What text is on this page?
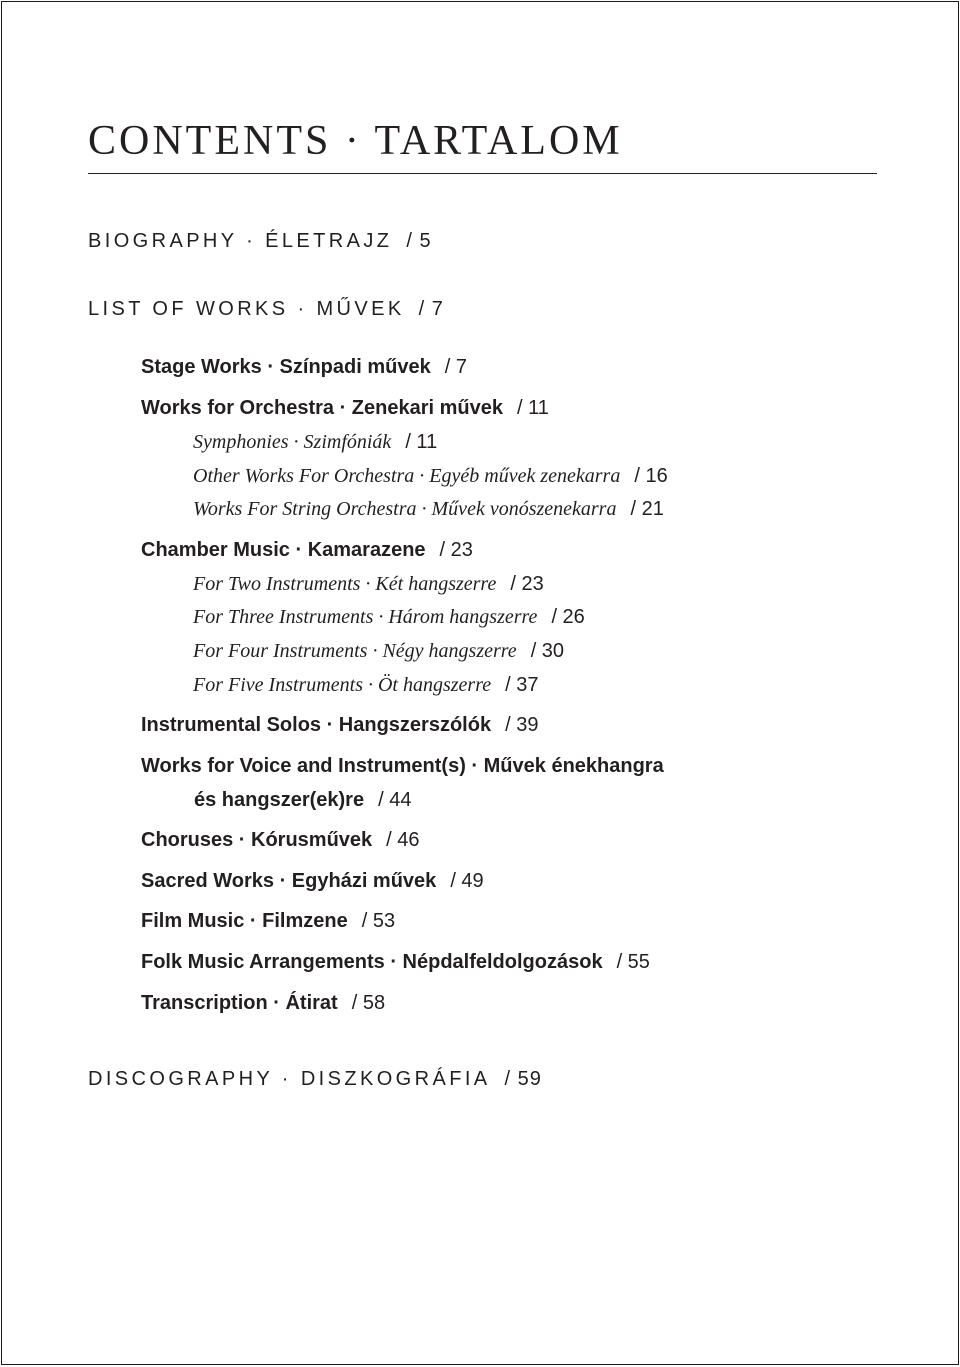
CONTENTS · TARTALOM
BIOGRAPHY · ÉLETRAJZ / 5
LIST OF WORKS · MŰVEK / 7
Stage Works · Színpadi művek / 7
Works for Orchestra · Zenekari művek / 11
Symphonies · Szimfóniák / 11
Other Works For Orchestra · Egyéb művek zenekarra / 16
Works For String Orchestra · Művek vonószenekarra / 21
Chamber Music · Kamarazene / 23
For Two Instruments · Két hangszerre / 23
For Three Instruments · Három hangszerre / 26
For Four Instruments · Négy hangszerre / 30
For Five Instruments · Öt hangszerre / 37
Instrumental Solos · Hangszerszólók / 39
Works for Voice and Instrument(s) · Művek énekhangra
és hangszer(ek)re / 44
Choruses · Kórusművek / 46
Sacred Works · Egyházi művek / 49
Film Music · Filmzene / 53
Folk Music Arrangements · Népdalfeldolgozások / 55
Transcription · Átirat / 58
DISCOGRAPHY · DISZKOGRÁFIA / 59
